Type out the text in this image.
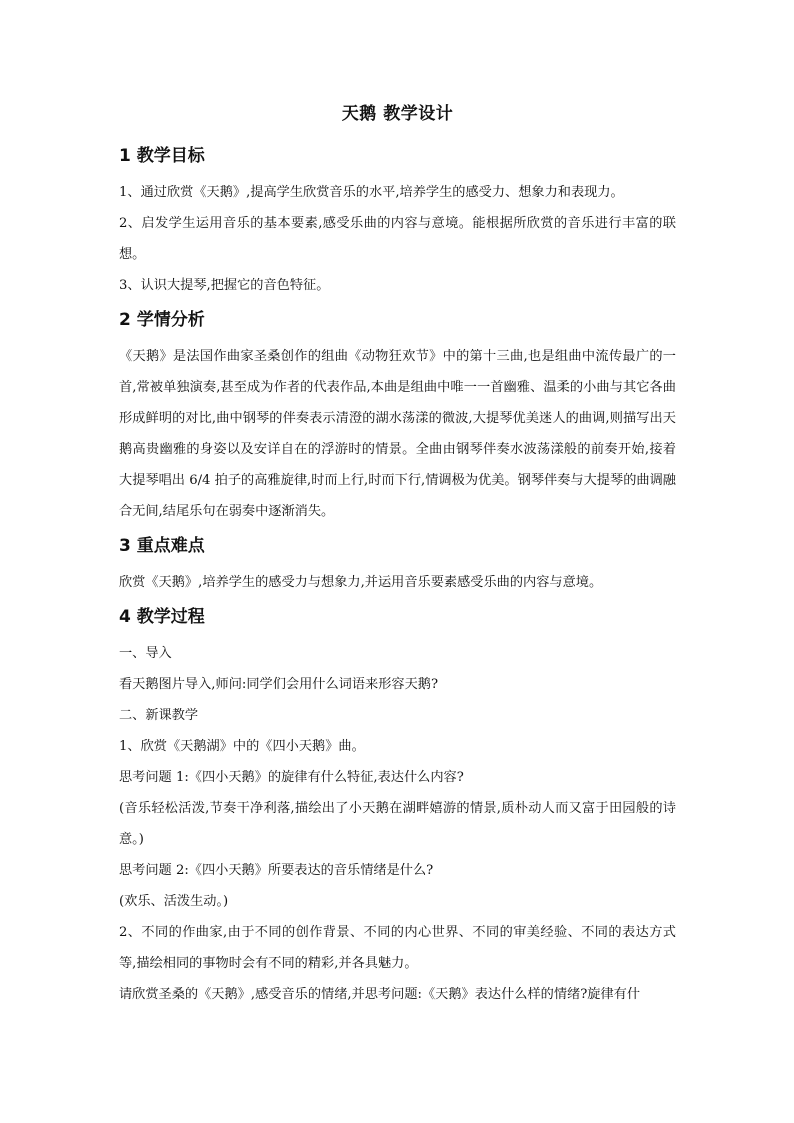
天鹅 教学设计
1 教学目标

1、通过欣赏《天鹅》,提高学生欣赏音乐的水平,培养学生的感受力、想象力和表现力。

2、启发学生运用音乐的基本要素,感受乐曲的内容与意境。能根据所欣赏的音乐进行丰富的联想。

3、认识大提琴,把握它的音色特征。

2 学情分析

《天鹅》是法国作曲家圣桑创作的组曲《动物狂欢节》中的第十三曲,也是组曲中流传最广的一首,常被单独演奏,甚至成为作者的代表作品,本曲是组曲中唯一一首幽雅、温柔的小曲与其它各曲形成鲜明的对比,曲中钢琴的伴奏表示清澄的湖水荡漾的微波,大提琴优美迷人的曲调,则描写出天鹅高贵幽雅的身姿以及安详自在的浮游时的情景。全曲由钢琴伴奏水波荡漾般的前奏开始,接着大提琴唱出 6/4 拍子的高雅旋律,时而上行,时而下行,情调极为优美。钢琴伴奏与大提琴的曲调融合无间,结尾乐句在弱奏中逐渐消失。

3 重点难点

欣赏《天鹅》,培养学生的感受力与想象力,并运用音乐要素感受乐曲的内容与意境。

4 教学过程

一、导入

看天鹅图片导入,师问:同学们会用什么词语来形容天鹅?

二、新课教学

1、欣赏《天鹅湖》中的《四小天鹅》曲。

思考问题 1:《四小天鹅》的旋律有什么特征,表达什么内容?

(音乐轻松活泼,节奏干净利落,描绘出了小天鹅在湖畔嬉游的情景,质朴动人而又富于田园般的诗意。)

思考问题 2:《四小天鹅》所要表达的音乐情绪是什么?

(欢乐、活泼生动。)

2、不同的作曲家,由于不同的创作背景、不同的内心世界、不同的审美经验、不同的表达方式等,描绘相同的事物时会有不同的精彩,并各具魅力。

请欣赏圣桑的《天鹅》,感受音乐的情绪,并思考问题:《天鹅》表达什么样的情绪?旋律有什
